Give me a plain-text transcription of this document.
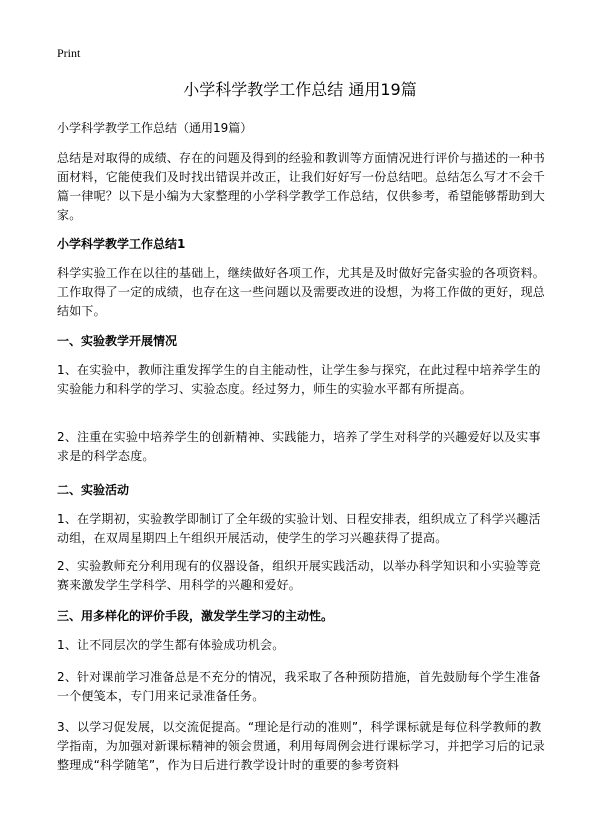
Print
小学科学教学工作总结 通用19篇
小学科学教学工作总结（通用19篇）
总结是对取得的成绩、存在的问题及得到的经验和教训等方面情况进行评价与描述的一种书面材料，它能使我们及时找出错误并改正，让我们好好写一份总结吧。总结怎么写才不会千篇一律呢？以下是小编为大家整理的小学科学教学工作总结，仅供参考，希望能够帮助到大家。
小学科学教学工作总结1
科学实验工作在以往的基础上，继续做好各项工作，尤其是及时做好完备实验的各项资料。工作取得了一定的成绩，也存在这一些问题以及需要改进的设想，为将工作做的更好，现总结如下。
一、实验教学开展情况
1、在实验中，教师注重发挥学生的自主能动性，让学生参与探究，在此过程中培养学生的实验能力和科学的学习、实验态度。经过努力，师生的实验水平都有所提高。
2、注重在实验中培养学生的创新精神、实践能力，培养了学生对科学的兴趣爱好以及实事求是的科学态度。
二、实验活动
1、在学期初，实验教学即制订了全年级的实验计划、日程安排表，组织成立了科学兴趣活动组，在双周星期四上午组织开展活动，使学生的学习兴趣获得了提高。
2、实验教师充分利用现有的仪器设备，组织开展实践活动，以举办科学知识和小实验等竞赛来激发学生学科学、用科学的兴趣和爱好。
三、用多样化的评价手段，激发学生学习的主动性。
1、让不同层次的学生都有体验成功机会。
2、针对课前学习准备总是不充分的情况，我采取了各种预防措施，首先鼓励每个学生准备一个便笺本，专门用来记录准备任务。
3、以学习促发展，以交流促提高。“理论是行动的准则”，科学课标就是每位科学教师的教学指南，为加强对新课标精神的领会贯通，利用每周例会进行课标学习，并把学习后的记录整理成“科学随笔”，作为日后进行教学设计时的重要的参考资料
